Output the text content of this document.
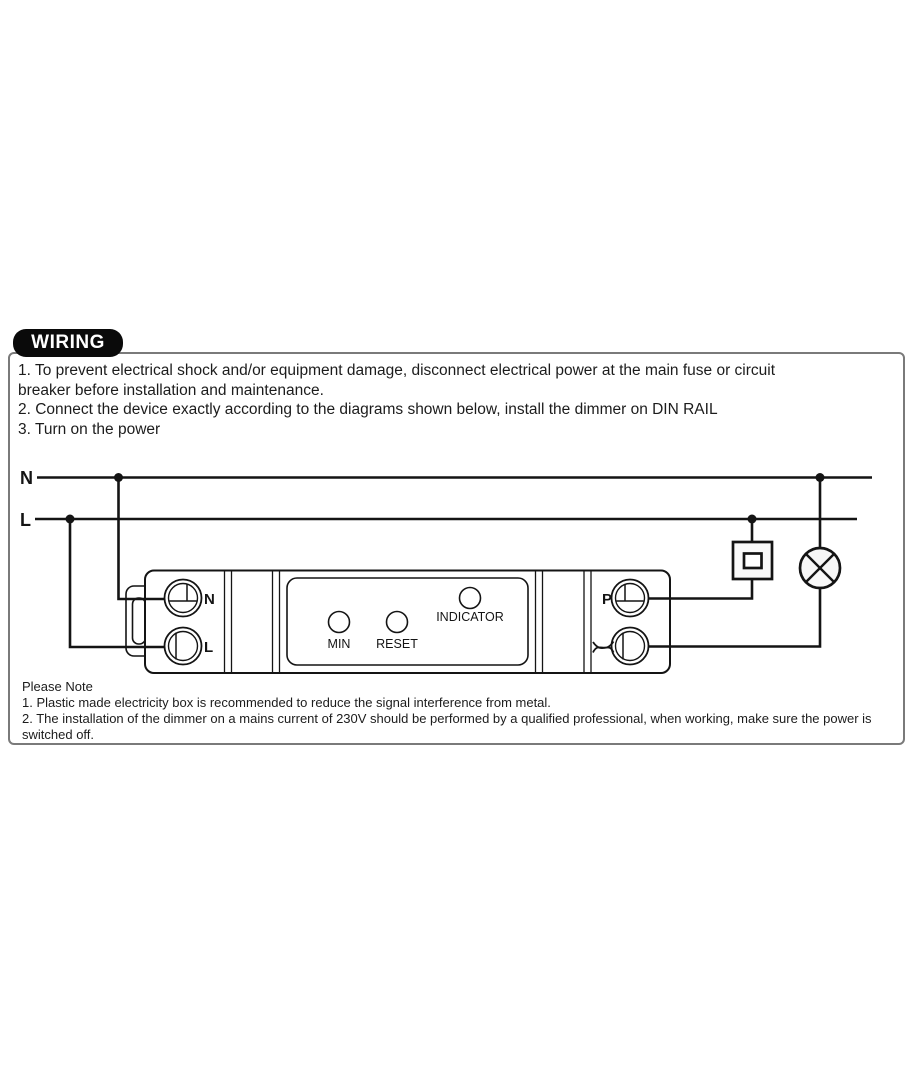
WIRING

1. To prevent electrical shock and/or equipment damage, disconnect electrical power at the main fuse or circuit breaker before installation and maintenance.

2. Connect the device exactly according to the diagrams shown below, install the dimmer on DIN RAIL

3. Turn on the power

N
L
MIN RESET
INDICATOR
N
L
P

Please Note

1. Plastic made electricity box is recommended to reduce the signal interference from metal.

2. The installation of the dimmer on a mains current of 230V should be performed by a qualified professional, when working, make sure the power is switched off.
